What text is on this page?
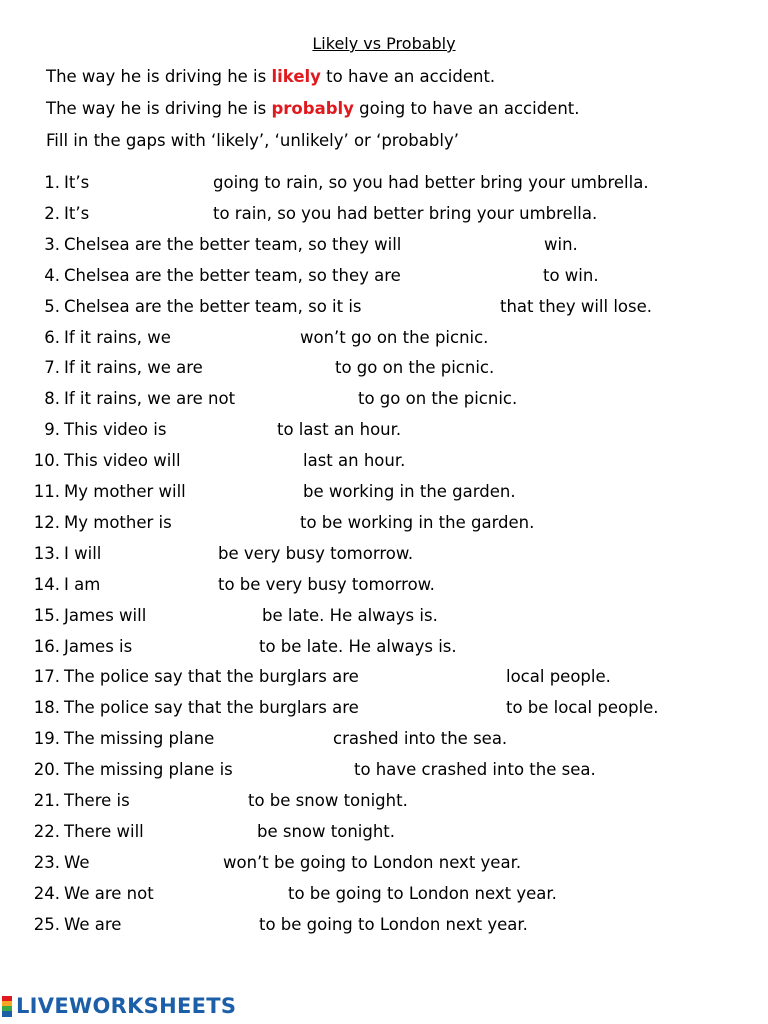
Likely vs Probably
The way he is driving he is likely to have an accident.
The way he is driving he is probably going to have an accident.
Fill in the gaps with ‘likely’, ‘unlikely’ or ‘probably’
1. It’s	going to rain, so you had better bring your umbrella.
2. It’s	to rain, so you had better bring your umbrella.
3. Chelsea are the better team, so they will	win.
4. Chelsea are the better team, so they are	to win.
5. Chelsea are the better team, so it is	that they will lose.
6. If it rains, we	won’t go on the picnic.
7. If it rains, we are	to go on the picnic.
8. If it rains, we are not	to go on the picnic.
9. This video is	to last an hour.
10. This video will	last an hour.
11. My mother will	be working in the garden.
12. My mother is	to be working in the garden.
13. I will	be very busy tomorrow.
14. I am	to be very busy tomorrow.
15. James will	be late. He always is.
16. James is	to be late. He always is.
17. The police say that the burglars are	local people.
18. The police say that the burglars are	to be local people.
19. The missing plane	crashed into the sea.
20. The missing plane is	to have crashed into the sea.
21. There is	to be snow tonight.
22. There will	be snow tonight.
23. We	won’t be going to London next year.
24. We are not	to be going to London next year.
25. We are	to be going to London next year.
LIVEWORKSHEETS
